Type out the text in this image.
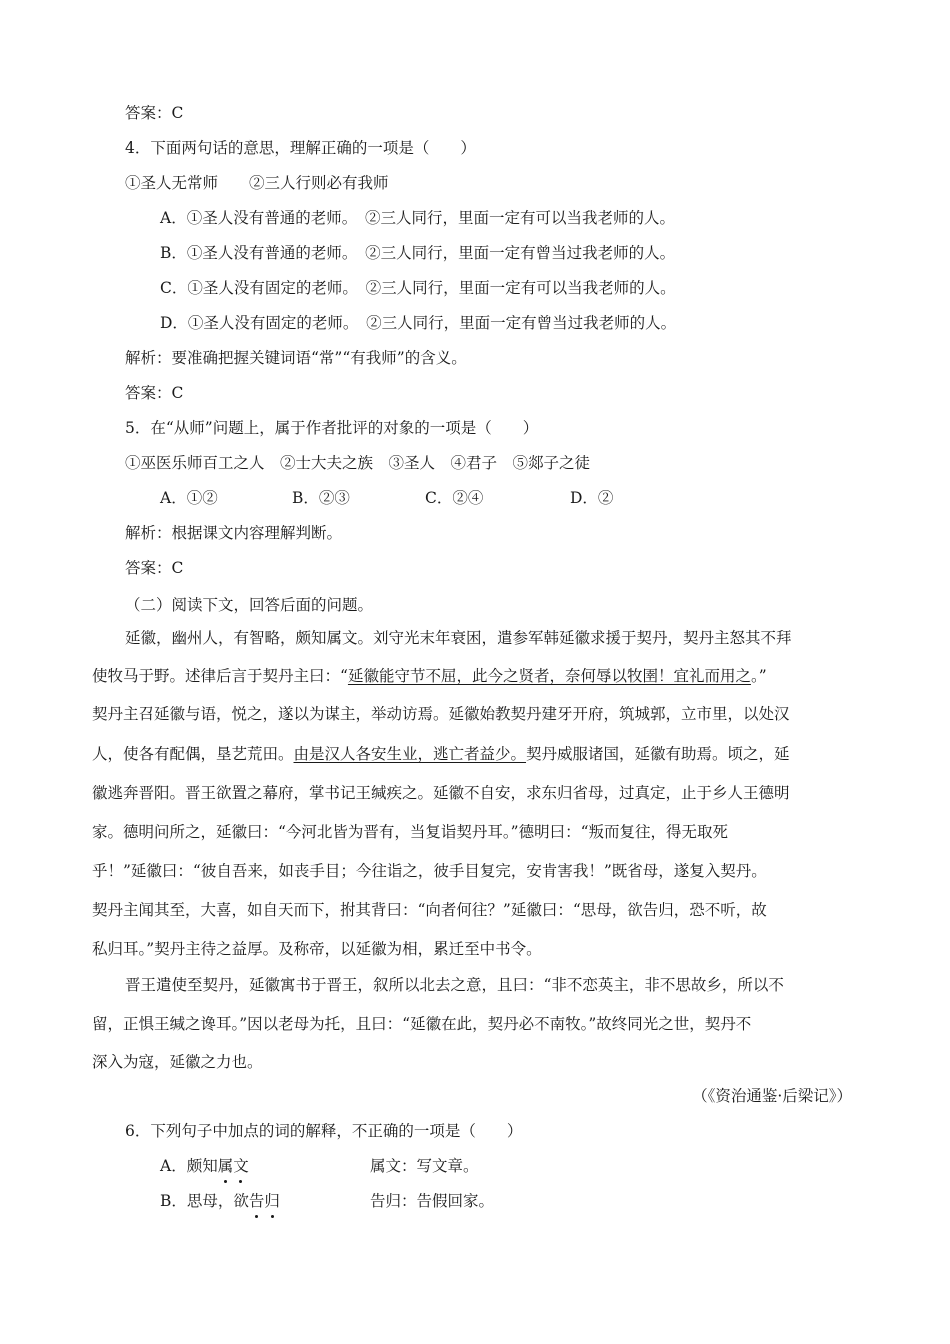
答案：C
4．下面两句话的意思，理解正确的一项是（　　）
①圣人无常师　　②三人行则必有我师
A．①圣人没有普通的老师。　②三人同行，里面一定有可以当我老师的人。
B．①圣人没有普通的老师。　②三人同行，里面一定有曾当过我老师的人。
C．①圣人没有固定的老师。　②三人同行，里面一定有可以当我老师的人。
D．①圣人没有固定的老师。　②三人同行，里面一定有曾当过我老师的人。
解析：要准确把握关键词语“常”“有我师”的含义。
答案：C
5．在“从师”问题上，属于作者批评的对象的一项是（　　）
①巫医乐师百工之人　②士大夫之族　③圣人　④君子　⑤郯子之徒
A．①②	B．②③	C．②④	D．②
解析：根据课文内容理解判断。
答案：C
（二）阅读下文，回答后面的问题。
延徽，幽州人，有智略，颇知属文。刘守光末年衰困，遣参军韩延徽求援于契丹，契丹主怒其不拜
使牧马于野。述律后言于契丹主曰：“延徽能守节不屈，此今之贤者，奈何辱以牧圉！宜礼而用之。”
契丹主召延徽与语，悦之，遂以为谋主，举动访焉。延徽始教契丹建牙开府，筑城郭，立市里，以处汉
人，使各有配偶，垦艺荒田。由是汉人各安生业，逃亡者益少。契丹威服诸国，延徽有助焉。顷之，延
徽逃奔晋阳。晋王欲置之幕府，掌书记王缄疾之。延徽不自安，求东归省母，过真定，止于乡人王德明
家。德明问所之，延徽曰：“今河北皆为晋有，当复诣契丹耳。”德明曰：“叛而复往，得无取死
乎！”延徽曰：“彼自吾来，如丧手目；今往诣之，彼手目复完，安肯害我！”既省母，遂复入契丹。
契丹主闻其至，大喜，如自天而下，拊其背曰：“向者何往？”延徽曰：“思母，欲告归，恐不听，故
私归耳。”契丹主待之益厚。及称帝，以延徽为相，累迁至中书令。
晋王遣使至契丹，延徽寓书于晋王，叙所以北去之意，且曰：“非不恋英主，非不思故乡，所以不
留，正惧王缄之谗耳。”因以老母为托，且曰：“延徽在此，契丹必不南牧。”故终同光之世，契丹不
深入为寇，延徽之力也。
（《资治通鉴·后梁记》）
6．下列句子中加点的词的解释，不正确的一项是（　　）
A．颇知属文	属文：写文章。
B．思母，欲告归	告归：告假回家。
